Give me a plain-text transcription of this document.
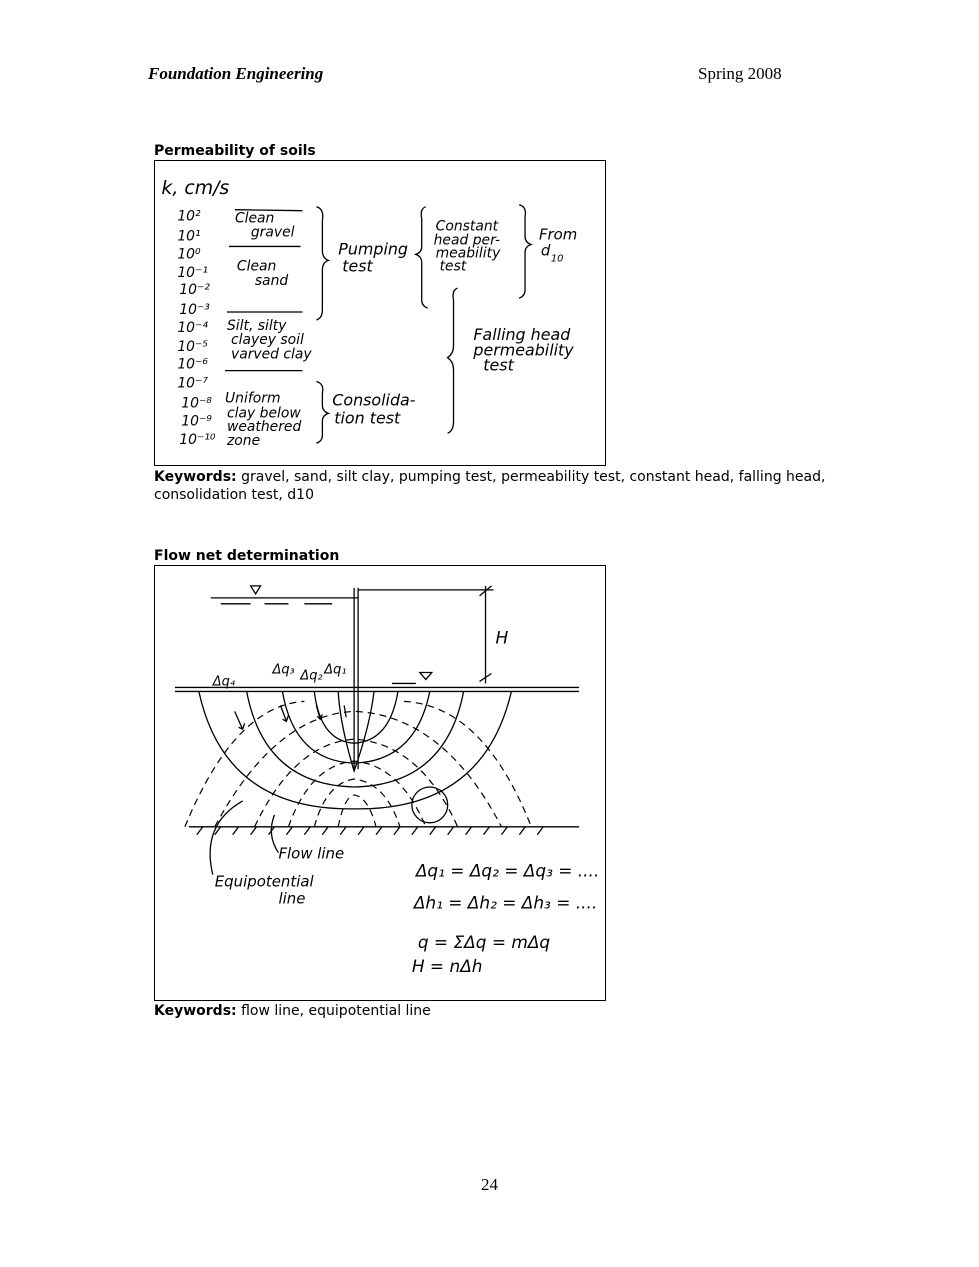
Foundation Engineering	Spring 2008
Permeability of soils
k, cm/s
10²
10¹
10⁰
10⁻¹
10⁻²
10⁻³
10⁻⁴
10⁻⁵
10⁻⁶
10⁻⁷
10⁻⁸
10⁻⁹
10⁻¹⁰
Clean
gravel
Clean
sand
Silt, silty
clayey soil
varved clay
Uniform
clay below
weathered
zone
Pumping
test
Constant
head per-
meability
test
From
d 10
Falling head
permeability
test
Consolida-
tion test
Keywords: gravel, sand, silt clay, pumping test, permeability test, constant head, falling head, consolidation test, d10
Flow net determination
H
Δq₄
Δq₃ Δq₂ Δq₁
Flow line
Equipotential
line
Δq₁ = Δq₂ = Δq₃ = ....
Δh₁ = Δh₂ = Δh₃ = ....
q = ΣΔq = mΔq
H = nΔh
Keywords: flow line, equipotential line
24
